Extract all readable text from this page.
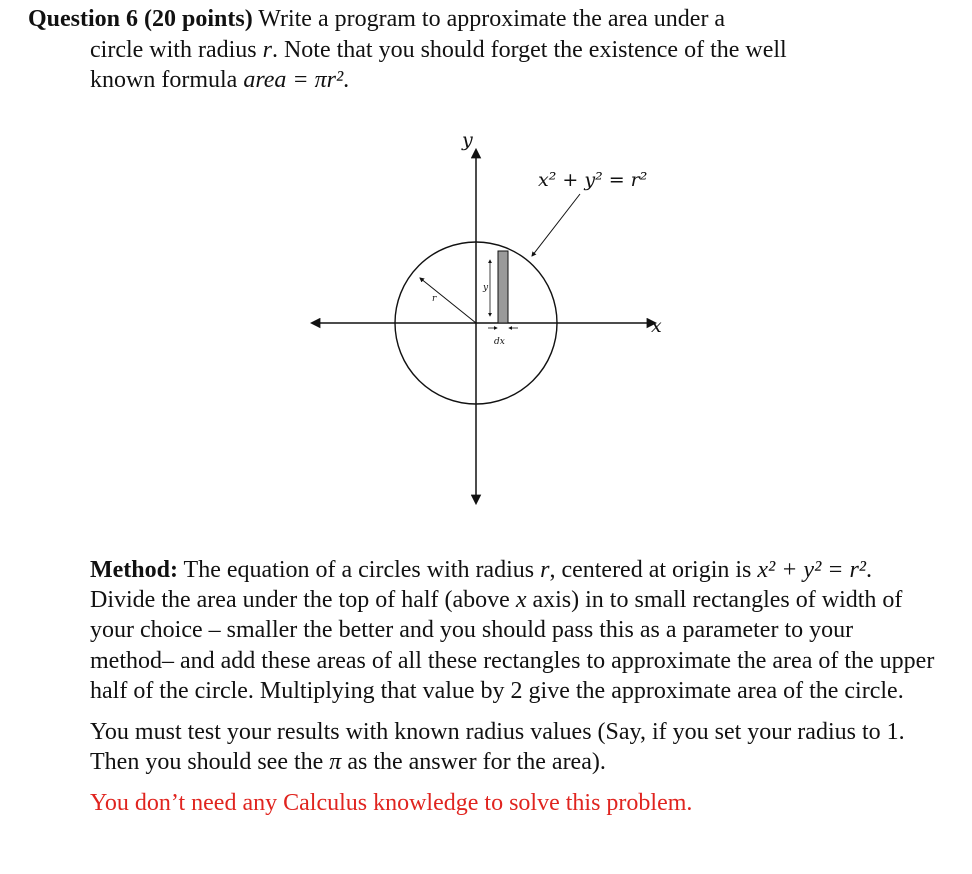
Question 6 (20 points) Write a program to approximate the area under a
circle with radius r. Note that you should forget the existence of the well
known formula area = πr².
y
x
x² + y² = r²
r
y
dx

Method: The equation of a circles with radius r, centered at origin is x² + y² = r². Divide the area under the top of half (above x axis) in to small rectangles of width of your choice – smaller the better and you should pass this as a parameter to your method– and add these areas of all these rectangles to approximate the area of the upper half of the circle. Multiplying that value by 2 give the approximate area of the circle.

You must test your results with known radius values (Say, if you set your radius to 1. Then you should see the π as the answer for the area).

You don’t need any Calculus knowledge to solve this problem.
